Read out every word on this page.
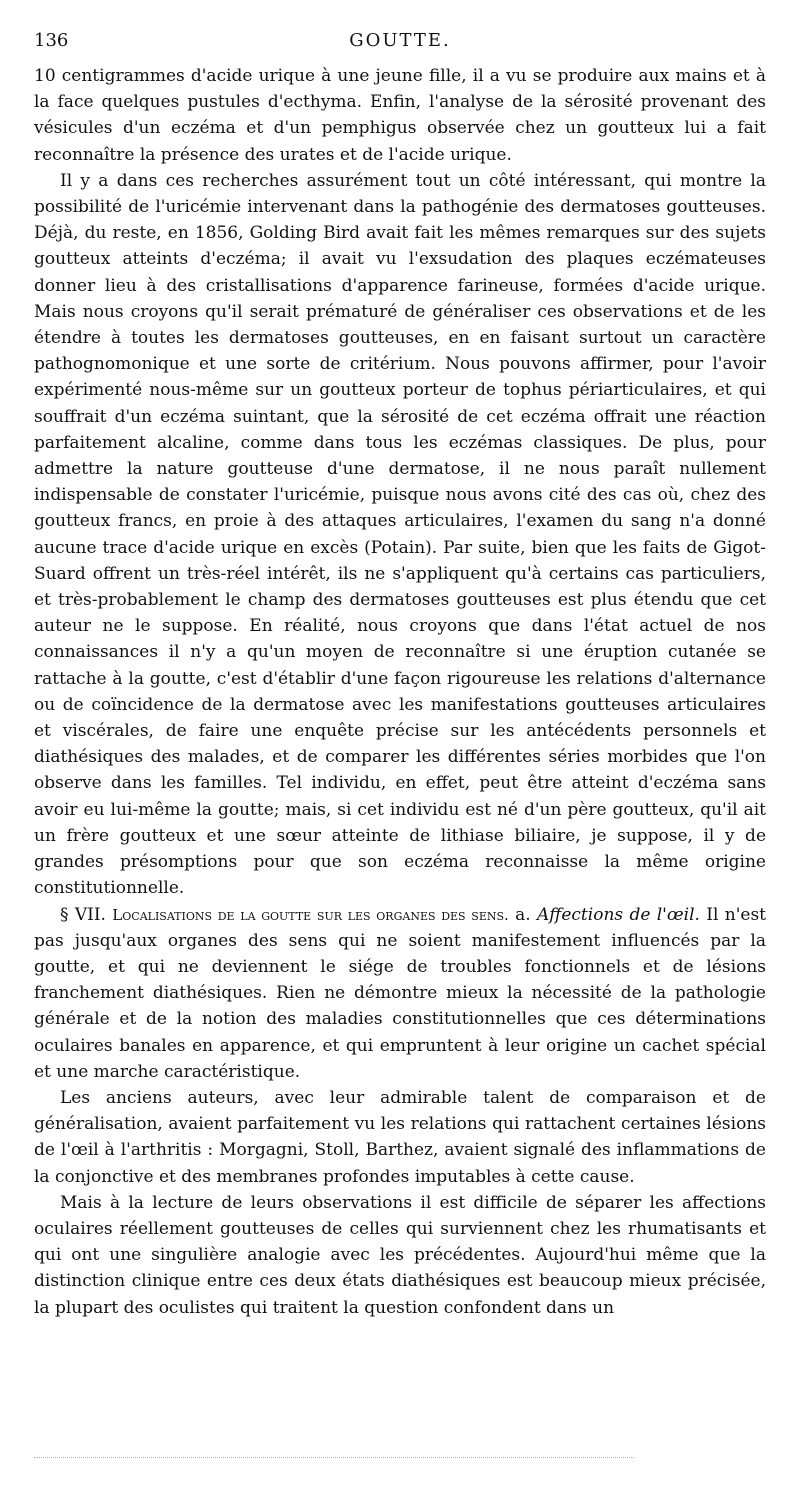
136	GOUTTE.

10 centigrammes d'acide urique à une jeune fille, il a vu se produire aux mains et à la face quelques pustules d'ecthyma. Enfin, l'analyse de la sérosité provenant des vésicules d'un eczéma et d'un pemphigus observée chez un goutteux lui a fait reconnaître la présence des urates et de l'acide urique.

Il y a dans ces recherches assurément tout un côté intéressant, qui montre la possibilité de l'uricémie intervenant dans la pathogénie des dermatoses goutteuses. Déjà, du reste, en 1856, Golding Bird avait fait les mêmes remarques sur des sujets goutteux atteints d'eczéma; il avait vu l'exsudation des plaques eczémateuses donner lieu à des cristallisations d'apparence farineuse, formées d'acide urique. Mais nous croyons qu'il serait prématuré de généraliser ces observations et de les étendre à toutes les dermatoses goutteuses, en en faisant surtout un caractère pathognomonique et une sorte de critérium. Nous pouvons affirmer, pour l'avoir expérimenté nous-même sur un goutteux porteur de tophus périarticulaires, et qui souffrait d'un eczéma suintant, que la sérosité de cet eczéma offrait une réaction parfaitement alcaline, comme dans tous les eczémas classiques. De plus, pour admettre la nature goutteuse d'une dermatose, il ne nous paraît nullement indispensable de constater l'uricémie, puisque nous avons cité des cas où, chez des goutteux francs, en proie à des attaques articulaires, l'examen du sang n'a donné aucune trace d'acide urique en excès (Potain). Par suite, bien que les faits de Gigot-Suard offrent un très-réel intérêt, ils ne s'appliquent qu'à certains cas particuliers, et très-probablement le champ des dermatoses goutteuses est plus étendu que cet auteur ne le suppose. En réalité, nous croyons que dans l'état actuel de nos connaissances il n'y a qu'un moyen de reconnaître si une éruption cutanée se rattache à la goutte, c'est d'établir d'une façon rigoureuse les relations d'alternance ou de coïncidence de la dermatose avec les manifestations goutteuses articulaires et viscérales, de faire une enquête précise sur les antécédents personnels et diathésiques des malades, et de comparer les différentes séries morbides que l'on observe dans les familles. Tel individu, en effet, peut être atteint d'eczéma sans avoir eu lui-même la goutte; mais, si cet individu est né d'un père goutteux, qu'il ait un frère goutteux et une sœur atteinte de lithiase biliaire, je suppose, il y de grandes présomptions pour que son eczéma reconnaisse la même origine constitutionnelle.

§ VII. Localisations de la goutte sur les organes des sens. a. Affections de l'œil. Il n'est pas jusqu'aux organes des sens qui ne soient manifestement influencés par la goutte, et qui ne deviennent le siége de troubles fonctionnels et de lésions franchement diathésiques. Rien ne démontre mieux la nécessité de la pathologie générale et de la notion des maladies constitutionnelles que ces déterminations oculaires banales en apparence, et qui empruntent à leur origine un cachet spécial et une marche caractéristique.

Les anciens auteurs, avec leur admirable talent de comparaison et de généralisation, avaient parfaitement vu les relations qui rattachent certaines lésions de l'œil à l'arthritis : Morgagni, Stoll, Barthez, avaient signalé des inflammations de la conjonctive et des membranes profondes imputables à cette cause.

Mais à la lecture de leurs observations il est difficile de séparer les affections oculaires réellement goutteuses de celles qui surviennent chez les rhumatisants et qui ont une singulière analogie avec les précédentes. Aujourd'hui même que la distinction clinique entre ces deux états diathésiques est beaucoup mieux précisée, la plupart des oculistes qui traitent la question confondent dans un
